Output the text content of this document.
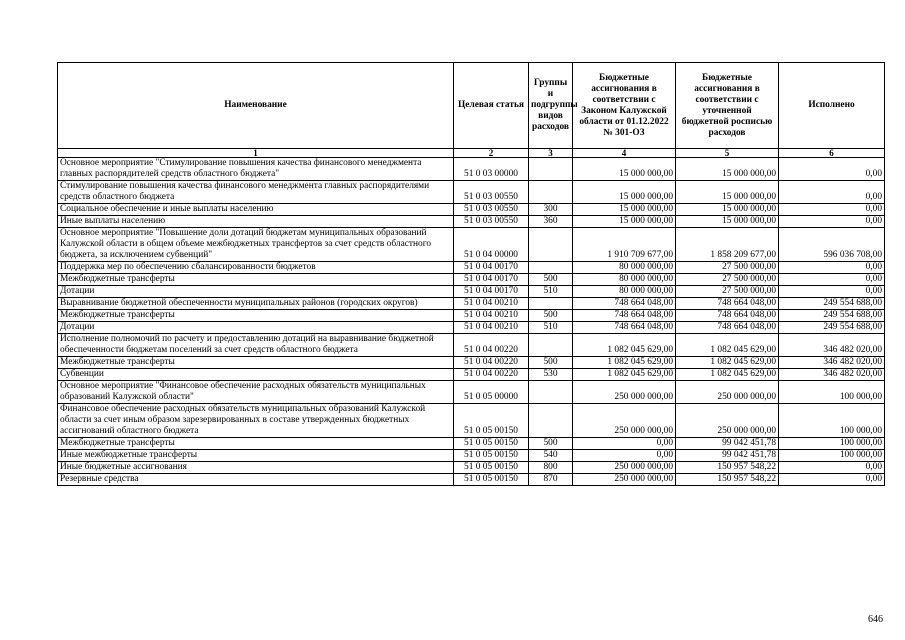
Наименование	Целевая статья	Группы и подгруппы видов расходов	Бюджетные ассигнования в соответствии с Законом Калужской области от 01.12.2022 № 301-ОЗ	Бюджетные ассигнования в соответствии с уточненной бюджетной росписью расходов	Исполнено
1	2	3	4	5	6
Основное мероприятие "Стимулирование повышения качества финансового менеджмента главных распорядителей средств областного бюджета"	51 0 03 00000		15 000 000,00	15 000 000,00	0,00
Стимулирование повышения качества финансового менеджмента главных распорядителями средств областного бюджета	51 0 03 00550		15 000 000,00	15 000 000,00	0,00
Социальное обеспечение и иные выплаты населению	51 0 03 00550	300	15 000 000,00	15 000 000,00	0,00
Иные выплаты населению	51 0 03 00550	360	15 000 000,00	15 000 000,00	0,00
Основное мероприятие "Повышение доли дотаций бюджетам муниципальных образований Калужской области в общем объеме межбюджетных трансфертов за счет средств областного бюджета, за исключением субвенций"	51 0 04 00000		1 910 709 677,00	1 858 209 677,00	596 036 708,00
Поддержка мер по обеспечению сбалансированности бюджетов	51 0 04 00170		80 000 000,00	27 500 000,00	0,00
Межбюджетные трансферты	51 0 04 00170	500	80 000 000,00	27 500 000,00	0,00
Дотации	51 0 04 00170	510	80 000 000,00	27 500 000,00	0,00
Выравнивание бюджетной обеспеченности муниципальных районов (городских округов)	51 0 04 00210		748 664 048,00	748 664 048,00	249 554 688,00
Межбюджетные трансферты	51 0 04 00210	500	748 664 048,00	748 664 048,00	249 554 688,00
Дотации	51 0 04 00210	510	748 664 048,00	748 664 048,00	249 554 688,00
Исполнение полномочий по расчету и предоставлению дотаций на выравнивание бюджетной обеспеченности бюджетам поселений за счет средств областного бюджета	51 0 04 00220		1 082 045 629,00	1 082 045 629,00	346 482 020,00
Межбюджетные трансферты	51 0 04 00220	500	1 082 045 629,00	1 082 045 629,00	346 482 020,00
Субвенции	51 0 04 00220	530	1 082 045 629,00	1 082 045 629,00	346 482 020,00
Основное мероприятие "Финансовое обеспечение расходных обязательств муниципальных образований Калужской области"	51 0 05 00000		250 000 000,00	250 000 000,00	100 000,00
Финансовое обеспечение расходных обязательств муниципальных образований Калужской области за счет иным образом зарезервированных в составе утвержденных бюджетных ассигнований областного бюджета	51 0 05 00150		250 000 000,00	250 000 000,00	100 000,00
Межбюджетные трансферты	51 0 05 00150	500	0,00	99 042 451,78	100 000,00
Иные межбюджетные трансферты	51 0 05 00150	540	0,00	99 042 451,78	100 000,00
Иные бюджетные ассигнования	51 0 05 00150	800	250 000 000,00	150 957 548,22	0,00
Резервные средства	51 0 05 00150	870	250 000 000,00	150 957 548,22	0,00
646
